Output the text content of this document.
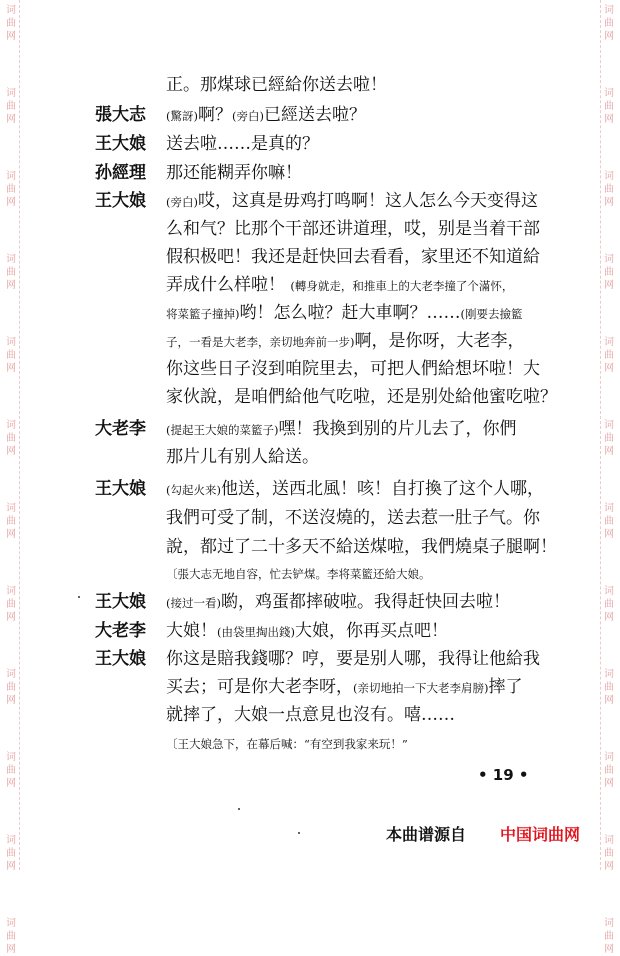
词
曲
网
词
曲
网
词
曲
网
词
曲
网
词
曲
网
词
曲
网
词
曲
网
词
曲
网
词
曲
网
词
曲
网
词
曲
网
词
曲
网
词
曲
网
词
曲
网
词
曲
网
词
曲
网
词
曲
网
词
曲
网
词
曲
网
词
曲
网
词
曲
网
词
曲
网
词
曲
网
词
曲
网
正。那煤球已經給你送去啦！
張大志 (驚訝)啊？(旁白)已經送去啦？
王大娘 送去啦……是真的？
孙經理 那还能糊弄你嘛！
王大娘 (旁白)哎，这真是毋鸡打鸣啊！这人怎么今天变得这
么和气？比那个干部还讲道理，哎，别是当着干部
假积极吧！我还是赶快回去看看，家里还不知道給
弄成什么样啦！ (轉身就走，和推車上的大老李撞了个滿怀，
将菜籃子撞掉)哟！怎么啦？赶大車啊？……(刚要去撿籃
子，一看是大老李，亲切地奔前一步)啊，是你呀，大老李，
你这些日子沒到咱院里去，可把人們給想坏啦！大
家伙說，是咱們給他气吃啦，还是别处給他蜜吃啦？
大老李 (提起王大娘的菜籃子)嘿！我換到别的片儿去了，你們
那片儿有别人給送。
王大娘 (勾起火来)他送，送西北風！咳！自打換了这个人哪，
我們可受了制，不送沒燒的，送去惹一肚子气。你
說，都过了二十多天不給送煤啦，我們燒桌子腿啊！
〔張大志无地自容，忙去铲煤。李将菜籃还給大娘。
王大娘 (接过一看)喲，鸡蛋都摔破啦。我得赶快回去啦！
大老李 大娘！(由袋里掏出錢)大娘，你再买点吧！
王大娘 你这是賠我錢哪？哼，要是别人哪，我得让他給我
买去；可是你大老李呀，(亲切地拍一下大老李肩膀)摔了
就摔了，大娘一点意見也沒有。嘻……
〔王大娘急下，在幕后喊：“有空到我家来玩！”
• 19 •
本曲谱源自 中国词曲网
